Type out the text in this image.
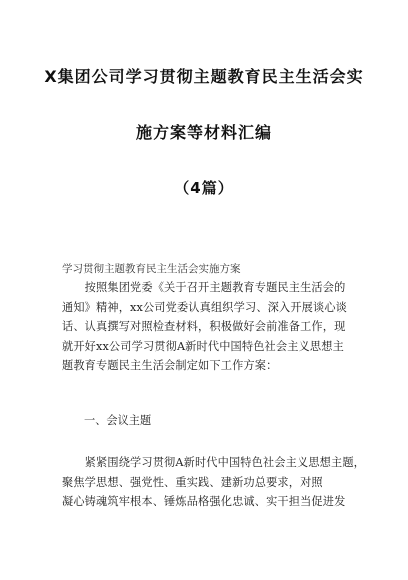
X集团公司学习贯彻主题教育民主生活会实
施方案等材料汇编
（4篇）

学习贯彻主题教育民主生活会实施方案

　　按照集团党委《关于召开主题教育专题民主生活会的
通知》精神，xx公司党委认真组织学习、深入开展谈心谈
话、认真撰写对照检查材料，积极做好会前准备工作，现
就开好xx公司学习贯彻A新时代中国特色社会主义思想主
题教育专题民主生活会制定如下工作方案：

一、会议主题

　　紧紧围绕学习贯彻A新时代中国特色社会主义思想主题，
聚焦学思想、强党性、重实践、建新功总要求，对照
凝心铸魂筑牢根本、锤炼品格强化忠诚、实干担当促进发
